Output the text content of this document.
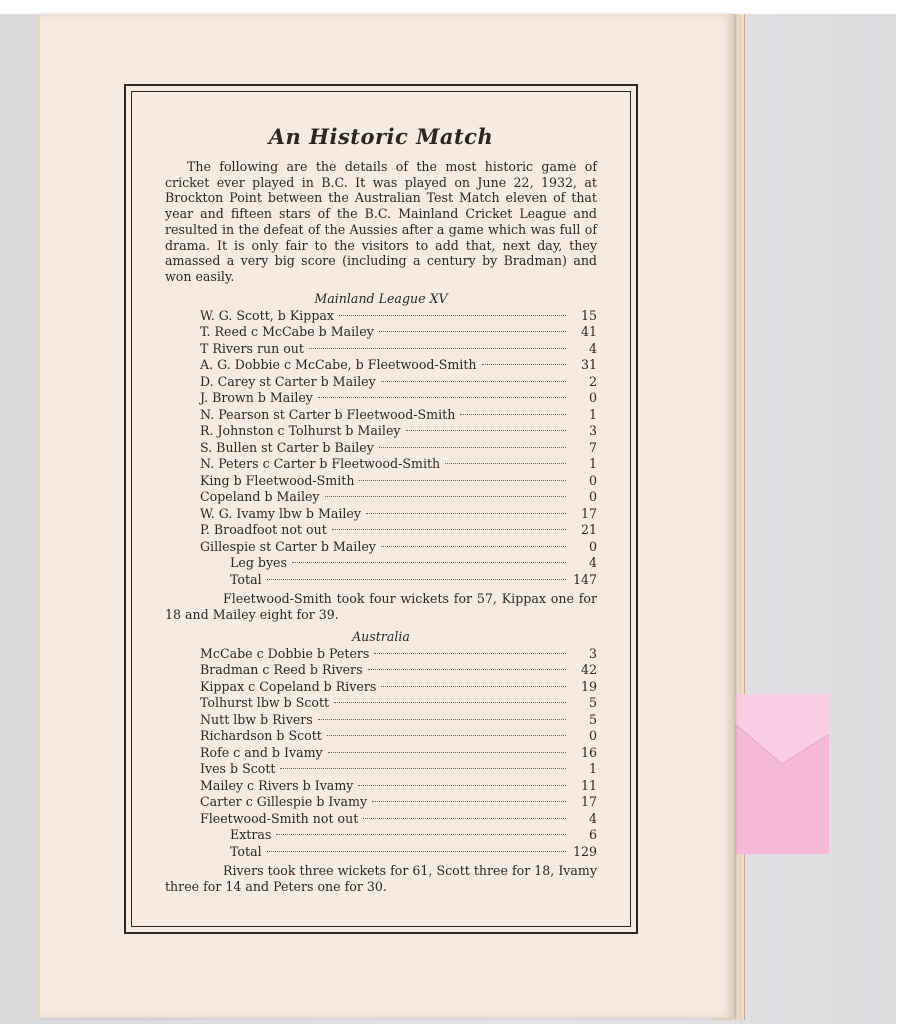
An Historic Match

The following are the details of the most historic game of cricket ever played in B.C. It was played on June 22, 1932, at Brockton Point between the Australian Test Match eleven of that year and fifteen stars of the B.C. Mainland Cricket League and resulted in the defeat of the Aussies after a game which was full of drama. It is only fair to the visitors to add that, next day, they amassed a very big score (including a century by Bradman) and won easily.

Mainland League XV
W. G. Scott, b Kippax	15
T. Reed c McCabe b Mailey	41
T Rivers run out	4
A. G. Dobbie c McCabe, b Fleetwood-Smith	31
D. Carey st Carter b Mailey	2
J. Brown b Mailey	0
N. Pearson st Carter b Fleetwood-Smith	1
R. Johnston c Tolhurst b Mailey	3
S. Bullen st Carter b Bailey	7
N. Peters c Carter b Fleetwood-Smith	1
King b Fleetwood-Smith	0
Copeland b Mailey	0
W. G. Ivamy lbw b Mailey	17
P. Broadfoot not out	21
Gillespie st Carter b Mailey	0
Leg byes	4
Total	147

Fleetwood-Smith took four wickets for 57, Kippax one for 18 and Mailey eight for 39.

Australia
McCabe c Dobbie b Peters	3
Bradman c Reed b Rivers	42
Kippax c Copeland b Rivers	19
Tolhurst lbw b Scott	5
Nutt lbw b Rivers	5
Richardson b Scott	0
Rofe c and b Ivamy	16
Ives b Scott	1
Mailey c Rivers b Ivamy	11
Carter c Gillespie b Ivamy	17
Fleetwood-Smith not out	4
Extras	6
Total	129

Rivers took three wickets for 61, Scott three for 18, Ivamy three for 14 and Peters one for 30.
